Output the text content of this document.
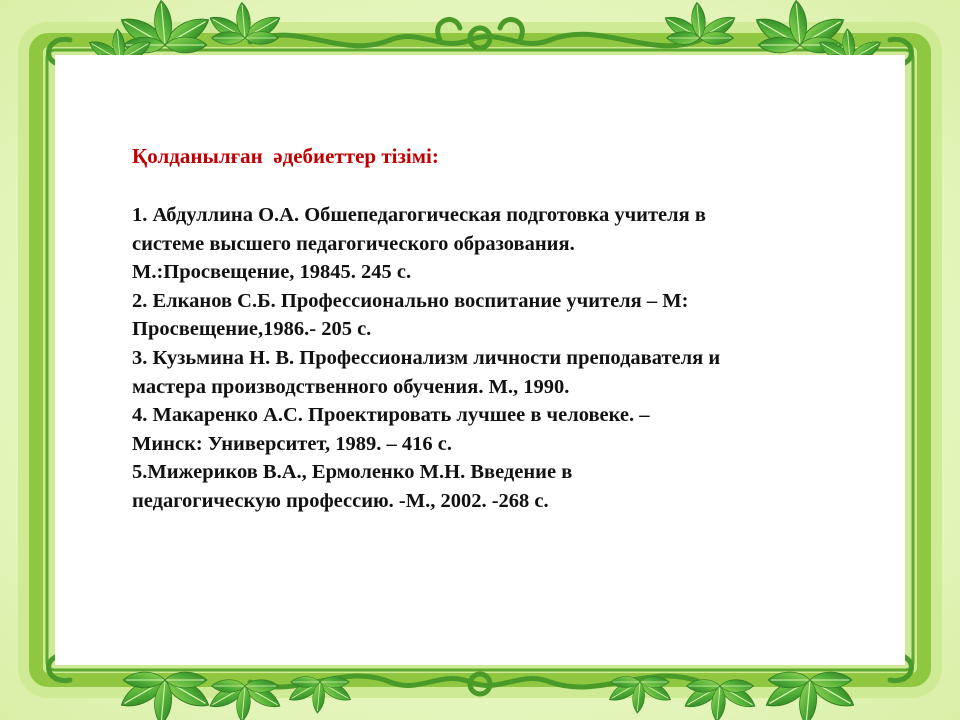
Қолданылған  әдебиеттер тізімі:

1. Абдуллина О.А. Обшепедагогическая подготовка учителя в
системе высшего педагогического образования.
М.:Просвещение, 19845. 245 с.
2. Елканов С.Б. Профессионально воспитание учителя – М:
Просвещение,1986.- 205 с.
3. Кузьмина Н. В. Профессионализм личности преподавателя и
мастера производственного обучения. М., 1990.
4. Макаренко А.С. Проектировать лучшее в человеке. –
Минск: Университет, 1989. – 416 с.
5.Мижериков В.А., Ермоленко М.Н. Введение в
педагогическую профессию. -М., 2002. -268 с.
